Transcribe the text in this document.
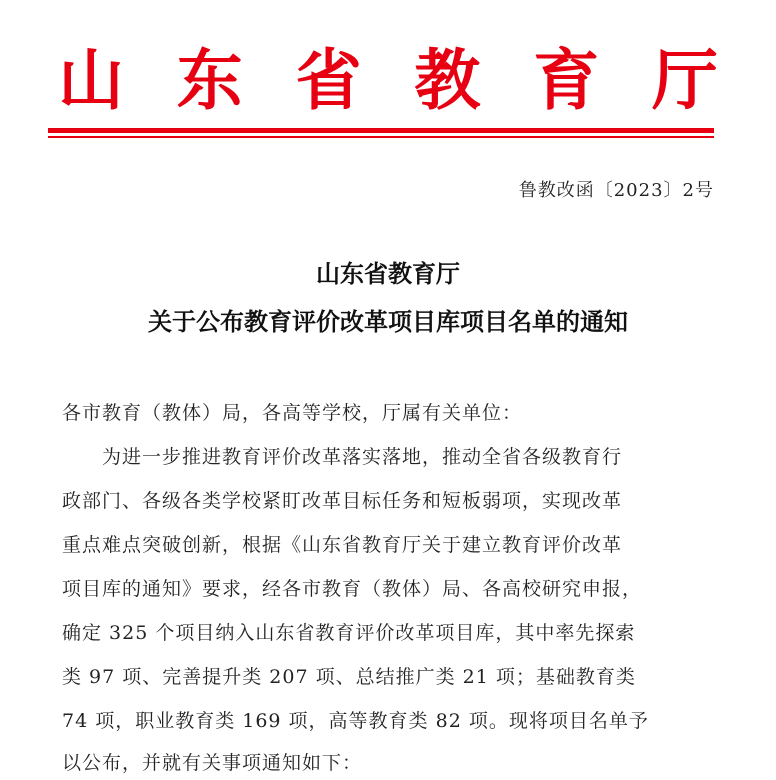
山 东 省 教 育 厅
鲁教改函〔2023〕2号
山东省教育厅
关于公布教育评价改革项目库项目名单的通知
各市教育（教体）局，各高等学校，厅属有关单位：
　　为进一步推进教育评价改革落实落地，推动全省各级教育行
政部门、各级各类学校紧盯改革目标任务和短板弱项，实现改革
重点难点突破创新，根据《山东省教育厅关于建立教育评价改革
项目库的通知》要求，经各市教育（教体）局、各高校研究申报，
确定 325 个项目纳入山东省教育评价改革项目库，其中率先探索
类 97 项、完善提升类 207 项、总结推广类 21 项；基础教育类
74 项，职业教育类 169 项，高等教育类 82 项。现将项目名单予
以公布，并就有关事项通知如下：
